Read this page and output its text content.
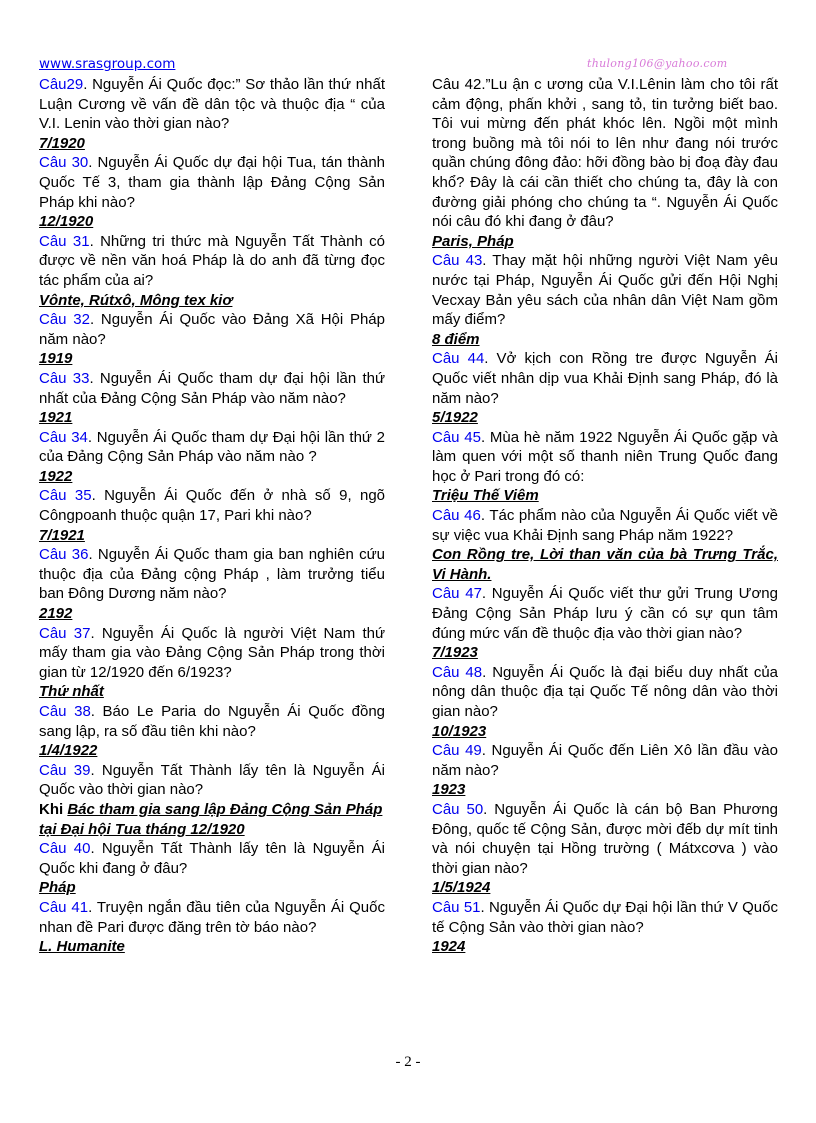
www.srasgroup.com	thulong106@yahoo.com

Câu29. Nguyễn Ái Quốc đọc:” Sơ thảo lần thứ nhất Luận Cương về vấn đề dân tộc và thuộc địa “ của V.I. Lenin vào thời gian nào?

7/1920

Câu 30. Nguyễn Ái Quốc dự đại hội Tua, tán thành Quốc Tế 3, tham gia thành lập Đảng Cộng Sản Pháp khi nào?

12/1920

Câu 31. Những tri thức mà Nguyễn Tất Thành có được về nền văn hoá Pháp là do anh đã từng đọc tác phẩm của ai?

Vônte, Rútxô, Mông tex kiơ

Câu 32. Nguyễn Ái Quốc vào Đảng Xã Hội Pháp năm nào?

1919

Câu 33. Nguyễn Ái Quốc tham dự đại hội lần thứ nhất của Đảng Cộng Sản Pháp vào năm nào?

1921

Câu 34. Nguyễn Ái Quốc tham dự Đại hội lần thứ 2 của Đảng Cộng Sản Pháp vào năm nào ?

1922

Câu 35. Nguyễn Ái Quốc đến ở nhà số 9, ngõ Côngpoanh thuộc quận 17, Pari khi nào?

7/1921

Câu 36. Nguyễn Ái Quốc tham gia ban nghiên cứu thuộc địa của Đảng cộng Pháp , làm trưởng tiểu ban Đông Dương năm nào?

2192

Câu 37. Nguyễn Ái Quốc là người Việt Nam thứ mấy tham gia vào Đảng Cộng Sản Pháp trong thời gian từ 12/1920 đến 6/1923?

Thứ nhất

Câu 38. Báo Le Paria do Nguyễn Ái Quốc đồng sang lập, ra số đầu tiên khi nào?

1/4/1922

Câu 39. Nguyễn Tất Thành lấy tên là Nguyễn Ái Quốc vào thời gian nào?

Khi Bác tham gia sang lập Đảng Cộng Sản Pháp tại Đại hội Tua tháng 12/1920

Câu 40. Nguyễn Tất Thành lấy tên là Nguyễn Ái Quốc khi đang ở đâu?

Pháp

Câu 41. Truyện ngắn đầu tiên của Nguyễn Ái Quốc nhan đề Pari được đăng trên tờ báo nào?

L. Humanite

Câu 42.”Lu ận c ương của V.I.Lênin làm cho tôi rất cảm động, phấn khởi , sang tỏ, tin tưởng biết bao. Tôi vui mừng đến phát khóc lên. Ngồi một mình trong buồng mà tôi nói to lên như đang nói trước quần chúng đông đảo: hỡi đồng bào bị đoạ đày đau khổ? Đây là cái cần thiết cho chúng ta, đây là con đường giải phóng cho chúng ta “. Nguyễn Ái Quốc nói câu đó khi đang ở đâu?

Paris, Pháp

Câu 43. Thay mặt hội những người Việt Nam yêu nước tại Pháp, Nguyễn Ái Quốc gửi đến Hội Nghị Vecxay Bản yêu sách của nhân dân Việt Nam gồm mấy điểm?

8 điểm

Câu 44. Vở kịch con Rồng tre được Nguyễn Ái Quốc viết nhân dịp vua Khải Định sang Pháp, đó là năm nào?

5/1922

Câu 45. Mùa hè năm 1922 Nguyễn Ái Quốc gặp và làm quen với một số thanh niên Trung Quốc đang học ở Pari trong đó có:

Triệu Thế Viêm

Câu 46. Tác phẩm nào của Nguyễn Ái Quốc viết về sự việc vua Khải Định sang Pháp năm 1922?

Con Rồng tre, Lời than văn của bà Trưng Trắc, Vi Hành.

Câu 47. Nguyễn Ái Quốc viết thư gửi Trung Ương Đảng Cộng Sản Pháp lưu ý cần có sự qun tâm đúng mức vấn đề thuộc địa vào thời gian nào?

7/1923

Câu 48. Nguyễn Ái Quốc là đại biểu duy nhất của nông dân thuộc địa tại Quốc Tế nông dân vào thời gian nào?

10/1923

Câu 49. Nguyễn Ái Quốc đến Liên Xô lần đầu vào năm nào?

1923

Câu 50. Nguyễn Ái Quốc là cán bộ Ban Phương Đông, quốc tế Cộng Sản, được mời đếb dự mít tinh và nói chuyện tại Hồng trường ( Mátxcơva ) vào thời gian nào?

1/5/1924

Câu 51. Nguyễn Ái Quốc dự Đại hội lần thứ V Quốc tế Cộng Sản vào thời gian nào?

1924

- 2 -
